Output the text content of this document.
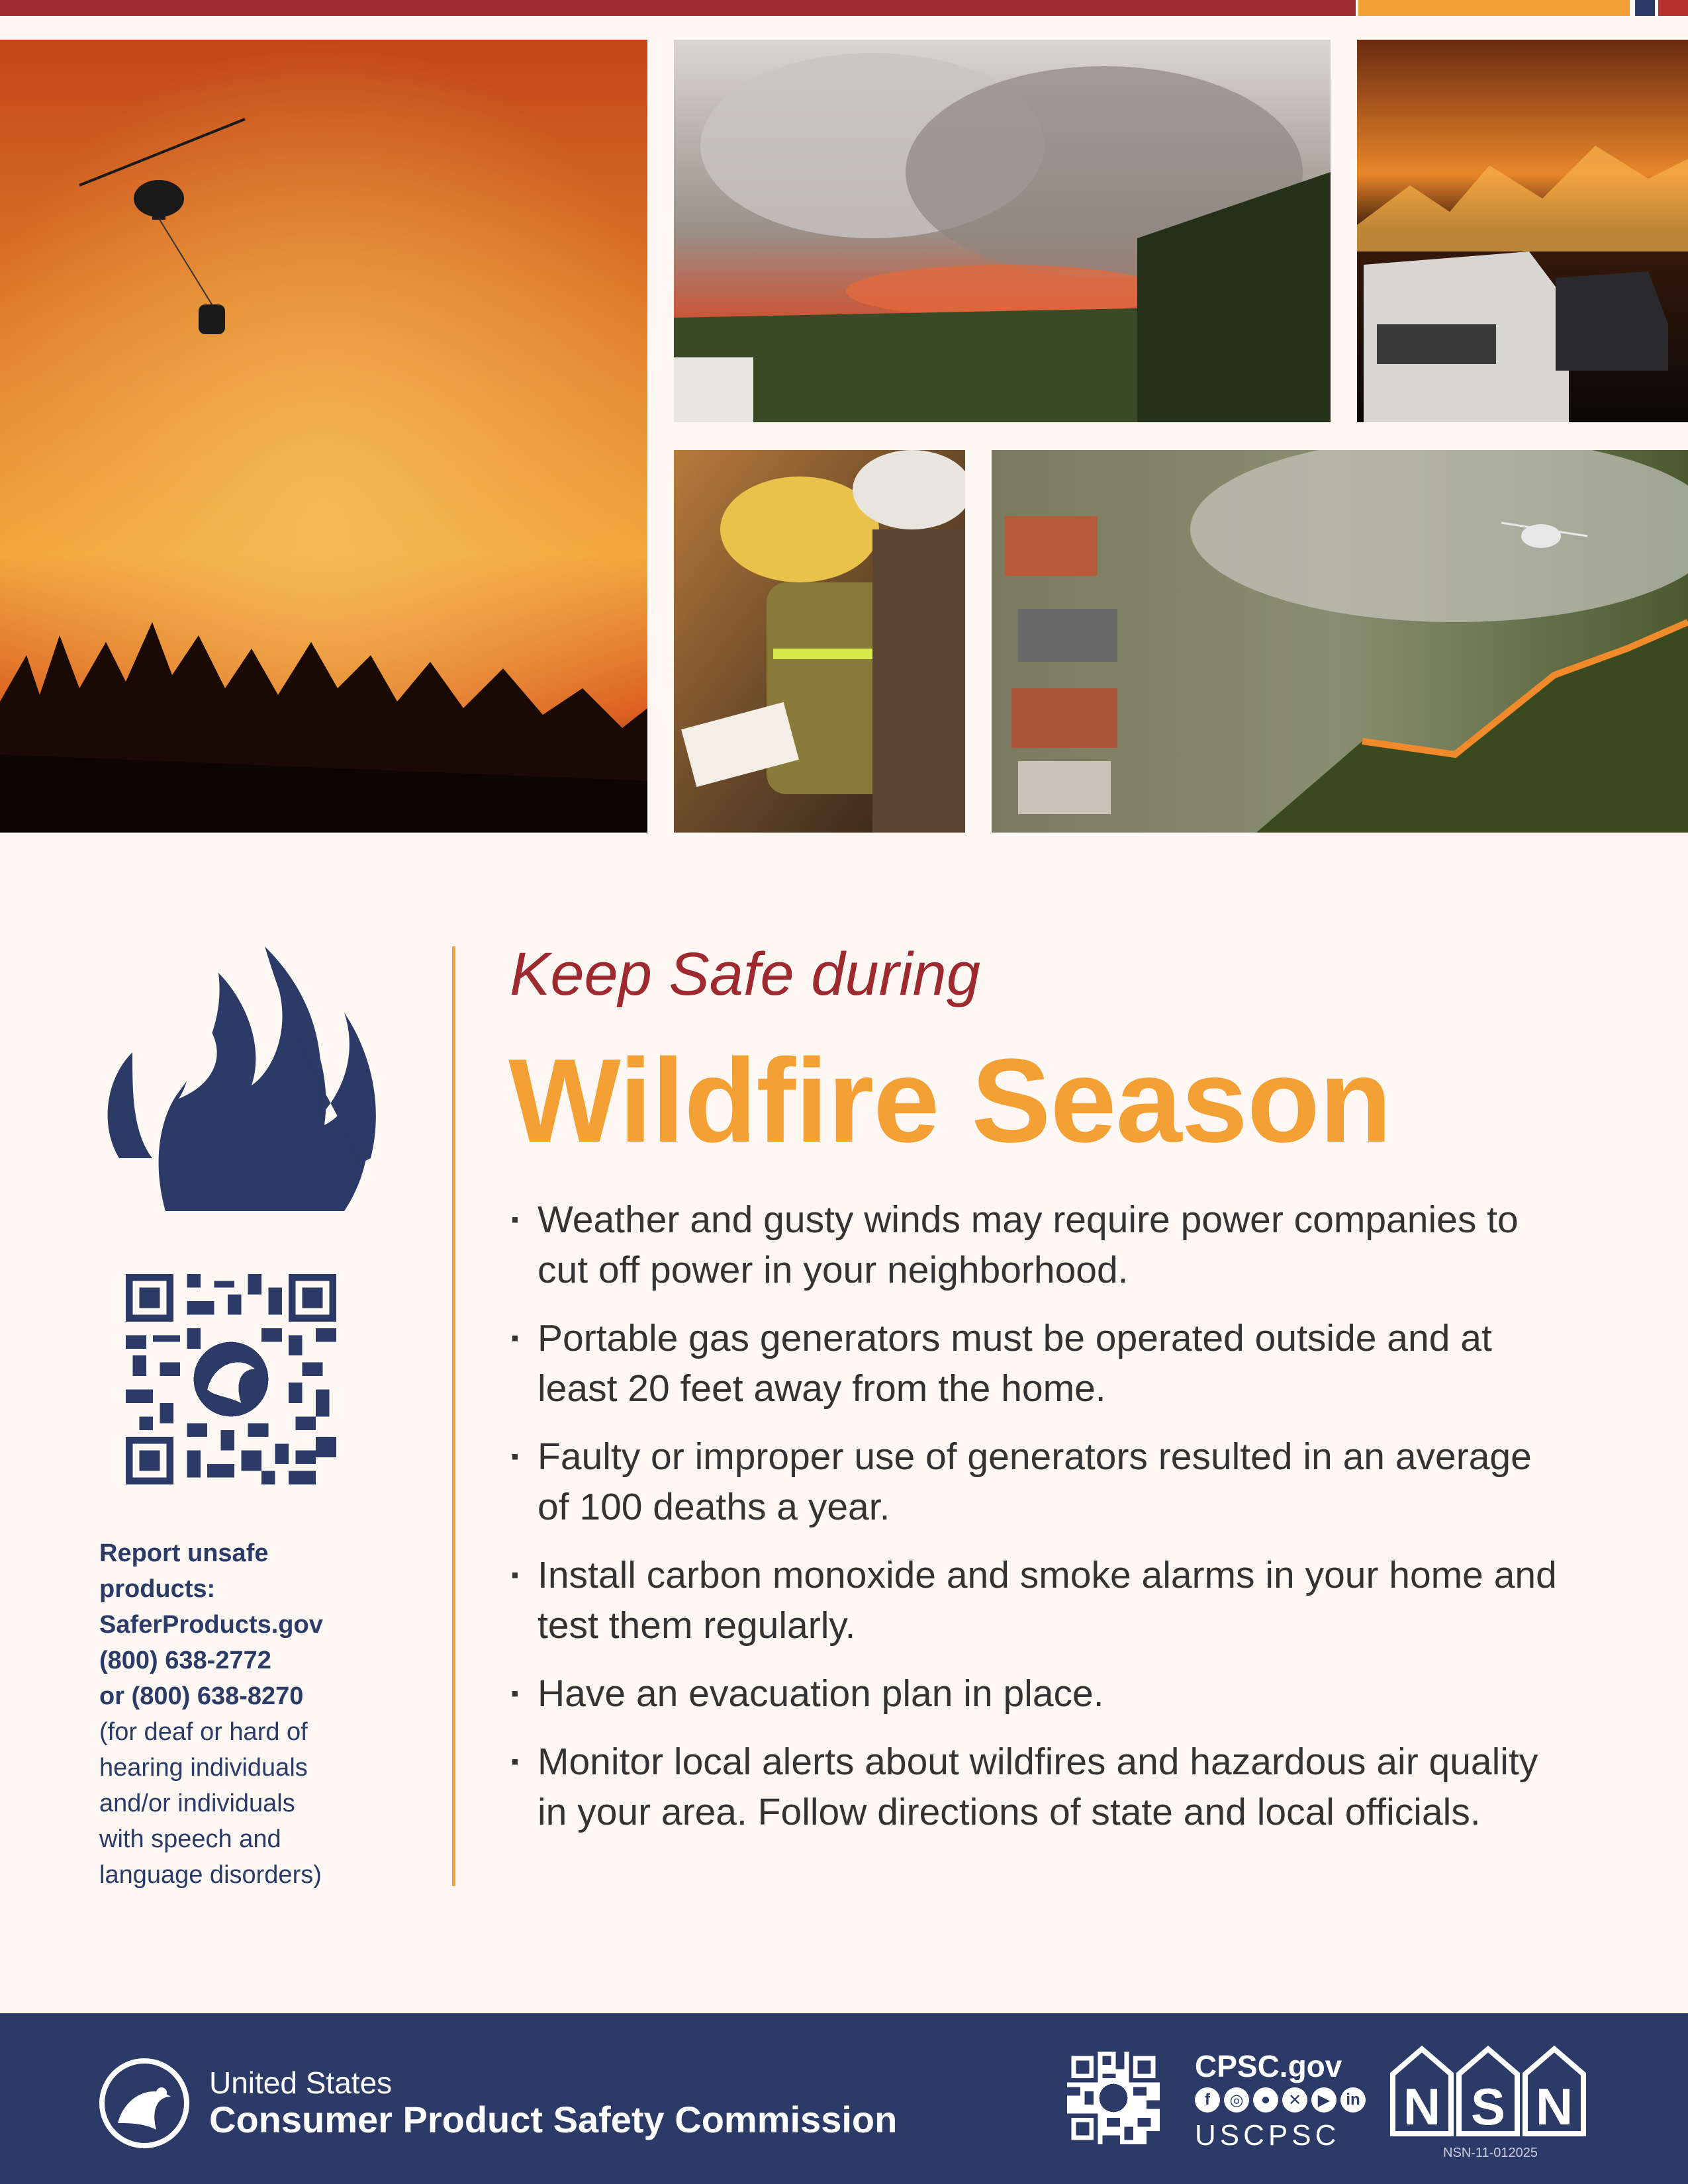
Report unsafe
products:
SaferProducts.gov
(800) 638-2772
or (800) 638-8270
(for deaf or hard of
hearing individuals
and/or individuals
with speech and
language disorders)
Keep Safe during
Wildfire Season
· Weather and gusty winds may require power companies to cut off power in your neighborhood.
· Portable gas generators must be operated outside and at least 20 feet away from the home.
· Faulty or improper use of generators resulted in an average of 100 deaths a year.
· Install carbon monoxide and smoke alarms in your home and test them regularly.
· Have an evacuation plan in place.
· Monitor local alerts about wildfires and hazardous air quality in your area. Follow directions of state and local officials.
United States
Consumer Product Safety Commission
CPSC.gov
f	◎	●	✕	▶	in
USCPSC N S N
NSN-11-012025
